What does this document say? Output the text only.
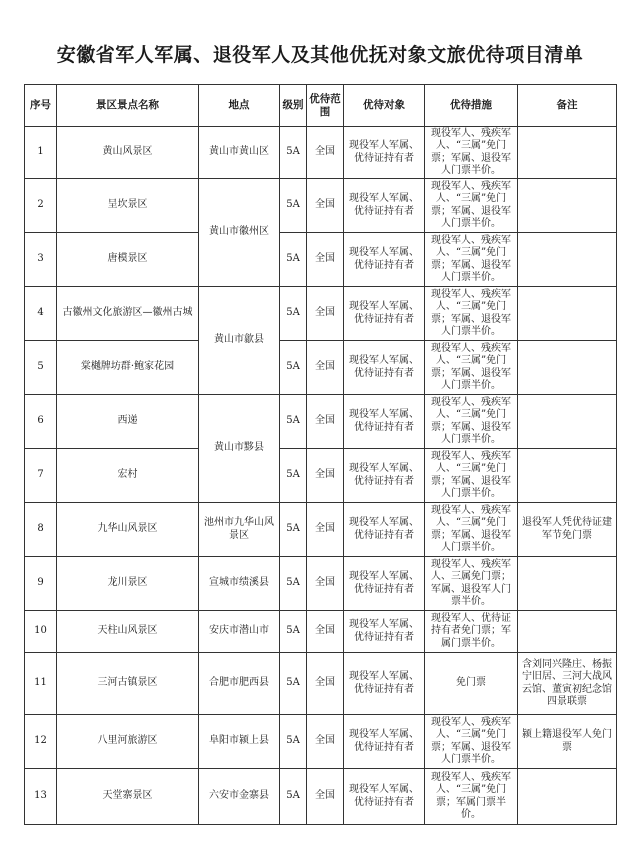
安徽省军人军属、退役军人及其他优抚对象文旅优待项目清单
序号	景区景点名称	地点	级别	优待范围	优待对象	优待措施	备注
1	黄山风景区	黄山市黄山区	5A	全国	现役军人军属、优待证持有者	现役军人、残疾军人、“三属”免门票；军属、退役军人门票半价。	
2	呈坎景区	黄山市徽州区	5A	全国	现役军人军属、优待证持有者	现役军人、残疾军人、“三属”免门票；军属、退役军人门票半价。	
3	唐模景区		5A	全国	现役军人军属、优待证持有者	现役军人、残疾军人、“三属”免门票；军属、退役军人门票半价。	
4	古徽州文化旅游区—徽州古城	黄山市歙县	5A	全国	现役军人军属、优待证持有者	现役军人、残疾军人、“三属”免门票；军属、退役军人门票半价。	
5	棠樾牌坊群·鲍家花园		5A	全国	现役军人军属、优待证持有者	现役军人、残疾军人、“三属”免门票；军属、退役军人门票半价。	
6	西递	黄山市黟县	5A	全国	现役军人军属、优待证持有者	现役军人、残疾军人、“三属”免门票；军属、退役军人门票半价。	
7	宏村		5A	全国	现役军人军属、优待证持有者	现役军人、残疾军人、“三属”免门票；军属、退役军人门票半价。	
8	九华山风景区	池州市九华山风景区	5A	全国	现役军人军属、优待证持有者	现役军人、残疾军人、“三属”免门票；军属、退役军人门票半价。	退役军人凭优待证建军节免门票
9	龙川景区	宣城市绩溪县	5A	全国	现役军人军属、优待证持有者	现役军人、残疾军人、三属免门票；军属、退役军人门票半价。	
10	天柱山风景区	安庆市潜山市	5A	全国	现役军人军属、优待证持有者	现役军人、优待证持有者免门票；军属门票半价。	
11	三河古镇景区	合肥市肥西县	5A	全国	现役军人军属、优待证持有者	免门票	含刘同兴隆庄、杨振宁旧居、三河大战风云馆、董寅初纪念馆四景联票
12	八里河旅游区	阜阳市颍上县	5A	全国	现役军人军属、优待证持有者	现役军人、残疾军人、“三属”免门票；军属、退役军人门票半价。	颍上籍退役军人免门票
13	天堂寨景区	六安市金寨县	5A	全国	现役军人军属、优待证持有者	现役军人、残疾军人、“三属”免门票；军属门票半价。	
